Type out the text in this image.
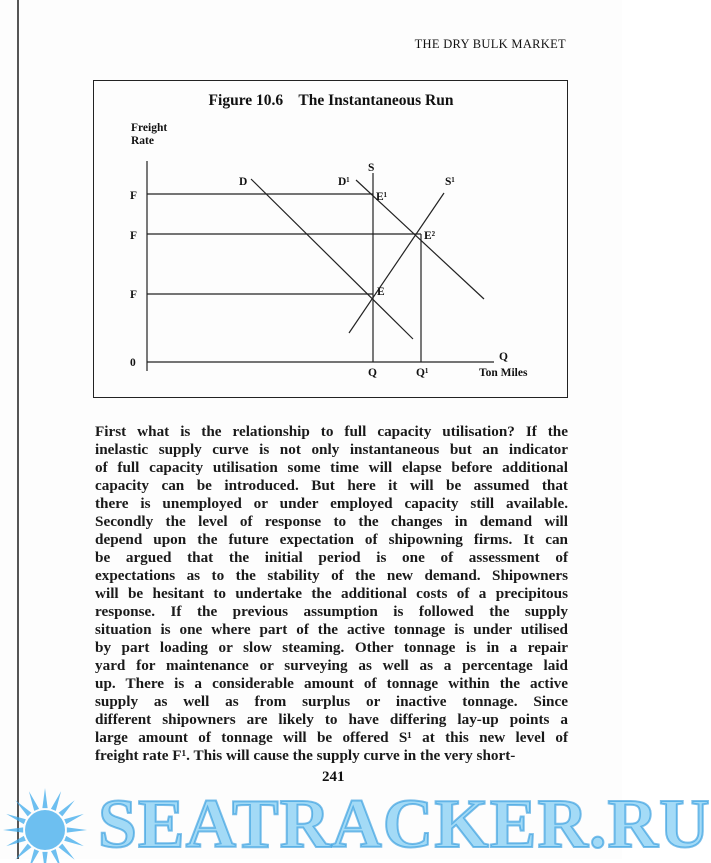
THE DRY BULK MARKET
Figure 10.6    The Instantaneous Run
Freight
Rate
F
F
F
0
Q	Q¹
Q
Ton Miles
D	D¹
S
S¹
E
E¹
E²
First what is the relationship to full capacity utilisation? If the
inelastic supply curve is not only instantaneous but an indicator
of full capacity utilisation some time will elapse before additional
capacity can be introduced. But here it will be assumed that
there is unemployed or under employed capacity still available.
Secondly the level of response to the changes in demand will
depend upon the future expectation of shipowning firms. It can
be argued that the initial period is one of assessment of
expectations as to the stability of the new demand. Shipowners
will be hesitant to undertake the additional costs of a precipitous
response. If the previous assumption is followed the supply
situation is one where part of the active tonnage is under utilised
by part loading or slow steaming. Other tonnage is in a repair
yard for maintenance or surveying as well as a percentage laid
up. There is a considerable amount of tonnage within the active
supply as well as from surplus or inactive tonnage. Since
different shipowners are likely to have differing lay-up points a
large amount of tonnage will be offered S¹ at this new level of
freight rate F¹. This will cause the supply curve in the very short-
SEATRACKER.RU
241
